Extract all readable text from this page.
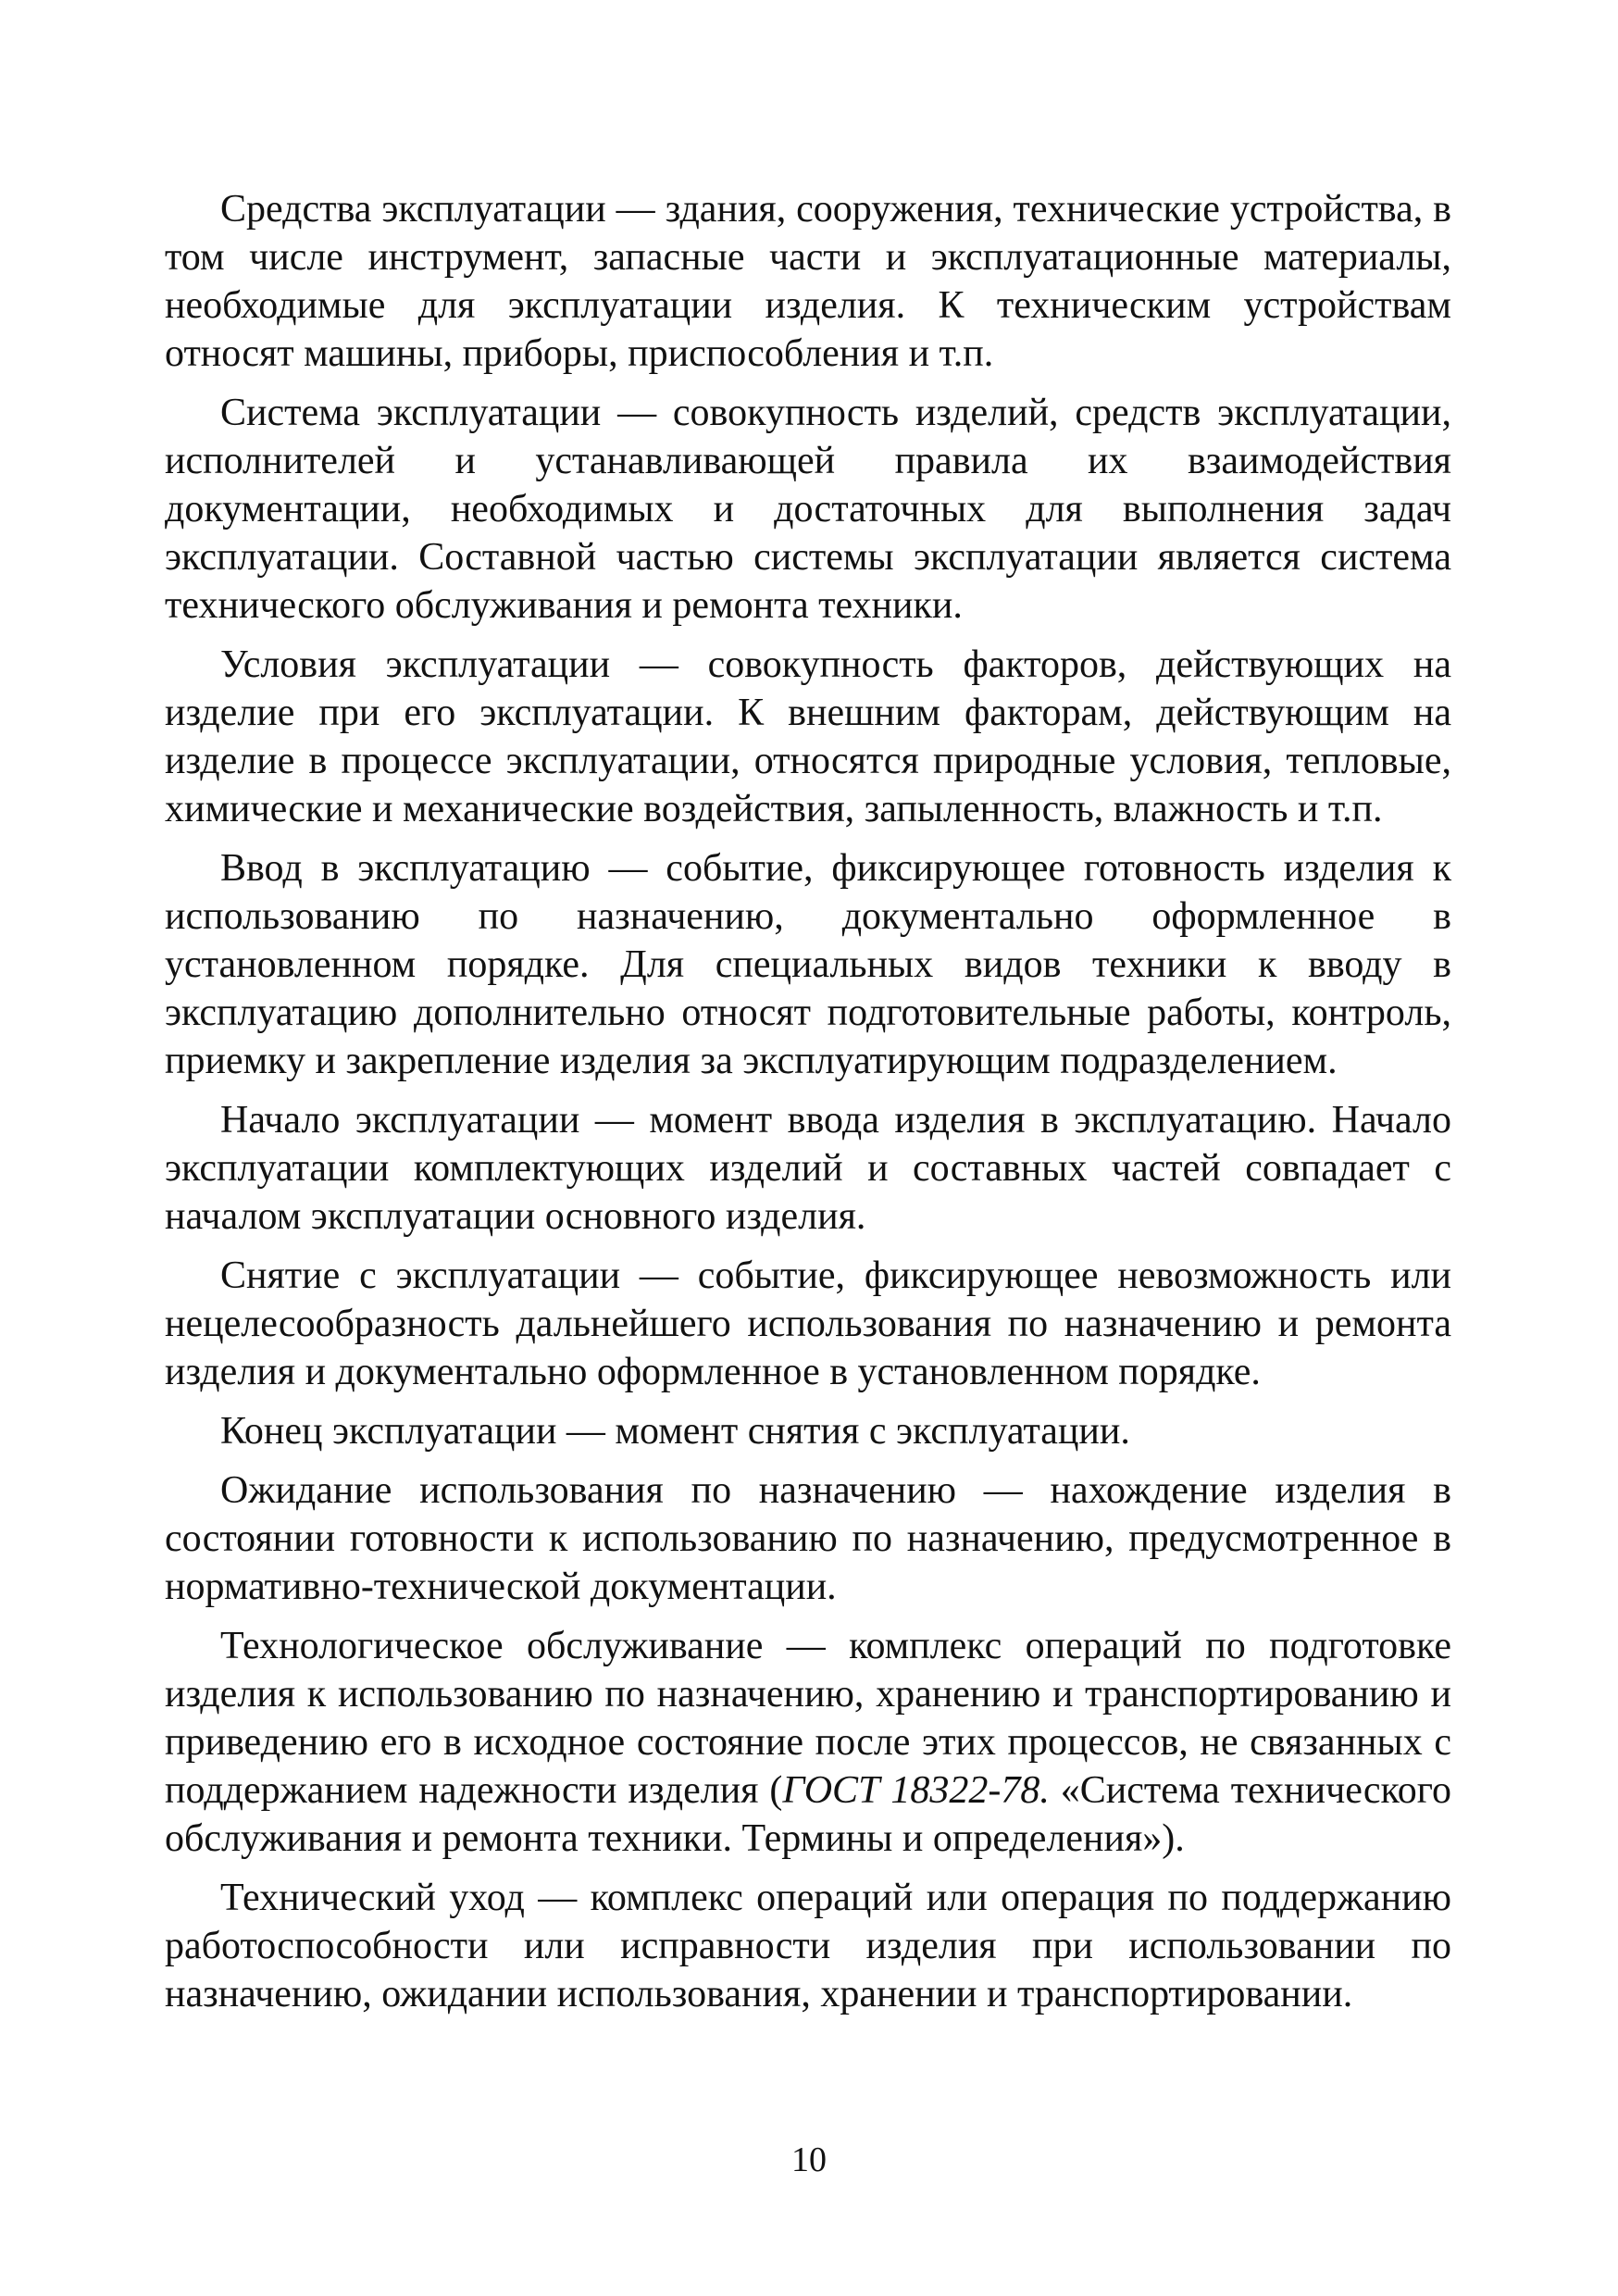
Средства эксплуатации — здания, сооружения, технические устройства, в том числе инструмент, запасные части и эксплуатационные материалы, необходимые для эксплуатации изделия. К техническим устройствам относят машины, приборы, приспособления и т.п.

Система эксплуатации — совокупность изделий, средств эксплуатации, исполнителей и устанавливающей правила их взаимодействия документации, необходимых и достаточных для выполнения задач эксплуатации. Составной частью системы эксплуатации является система технического обслуживания и ремонта техники.

Условия эксплуатации — совокупность факторов, действующих на изделие при его эксплуатации. К внешним факторам, действующим на изделие в процессе эксплуатации, относятся природные условия, тепловые, химические и механические воздействия, запыленность, влажность и т.п.

Ввод в эксплуатацию — событие, фиксирующее готовность изделия к использованию по назначению, документально оформленное в установленном порядке. Для специальных видов техники к вводу в эксплуатацию дополнительно относят подготовительные работы, контроль, приемку и закрепление изделия за эксплуатирующим подразделением.

Начало эксплуатации — момент ввода изделия в эксплуатацию. Начало эксплуатации комплектующих изделий и составных частей совпадает с началом эксплуатации основного изделия.

Снятие с эксплуатации — событие, фиксирующее невозможность или нецелесообразность дальнейшего использования по назначению и ремонта изделия и документально оформленное в установленном порядке.

Конец эксплуатации — момент снятия с эксплуатации.

Ожидание использования по назначению — нахождение изделия в состоянии готовности к использованию по назначению, предусмотренное в нормативно-технической документации.

Технологическое обслуживание — комплекс операций по подготовке изделия к использованию по назначению, хранению и транспортированию и приведению его в исходное состояние после этих процессов, не связанных с поддержанием надежности изделия (ГОСТ 18322-78. «Система технического обслуживания и ремонта техники. Термины и определения»).

Технический уход — комплекс операций или операция по поддержанию работоспособности или исправности изделия при использовании по назначению, ожидании использования, хранении и транспортировании.

10
